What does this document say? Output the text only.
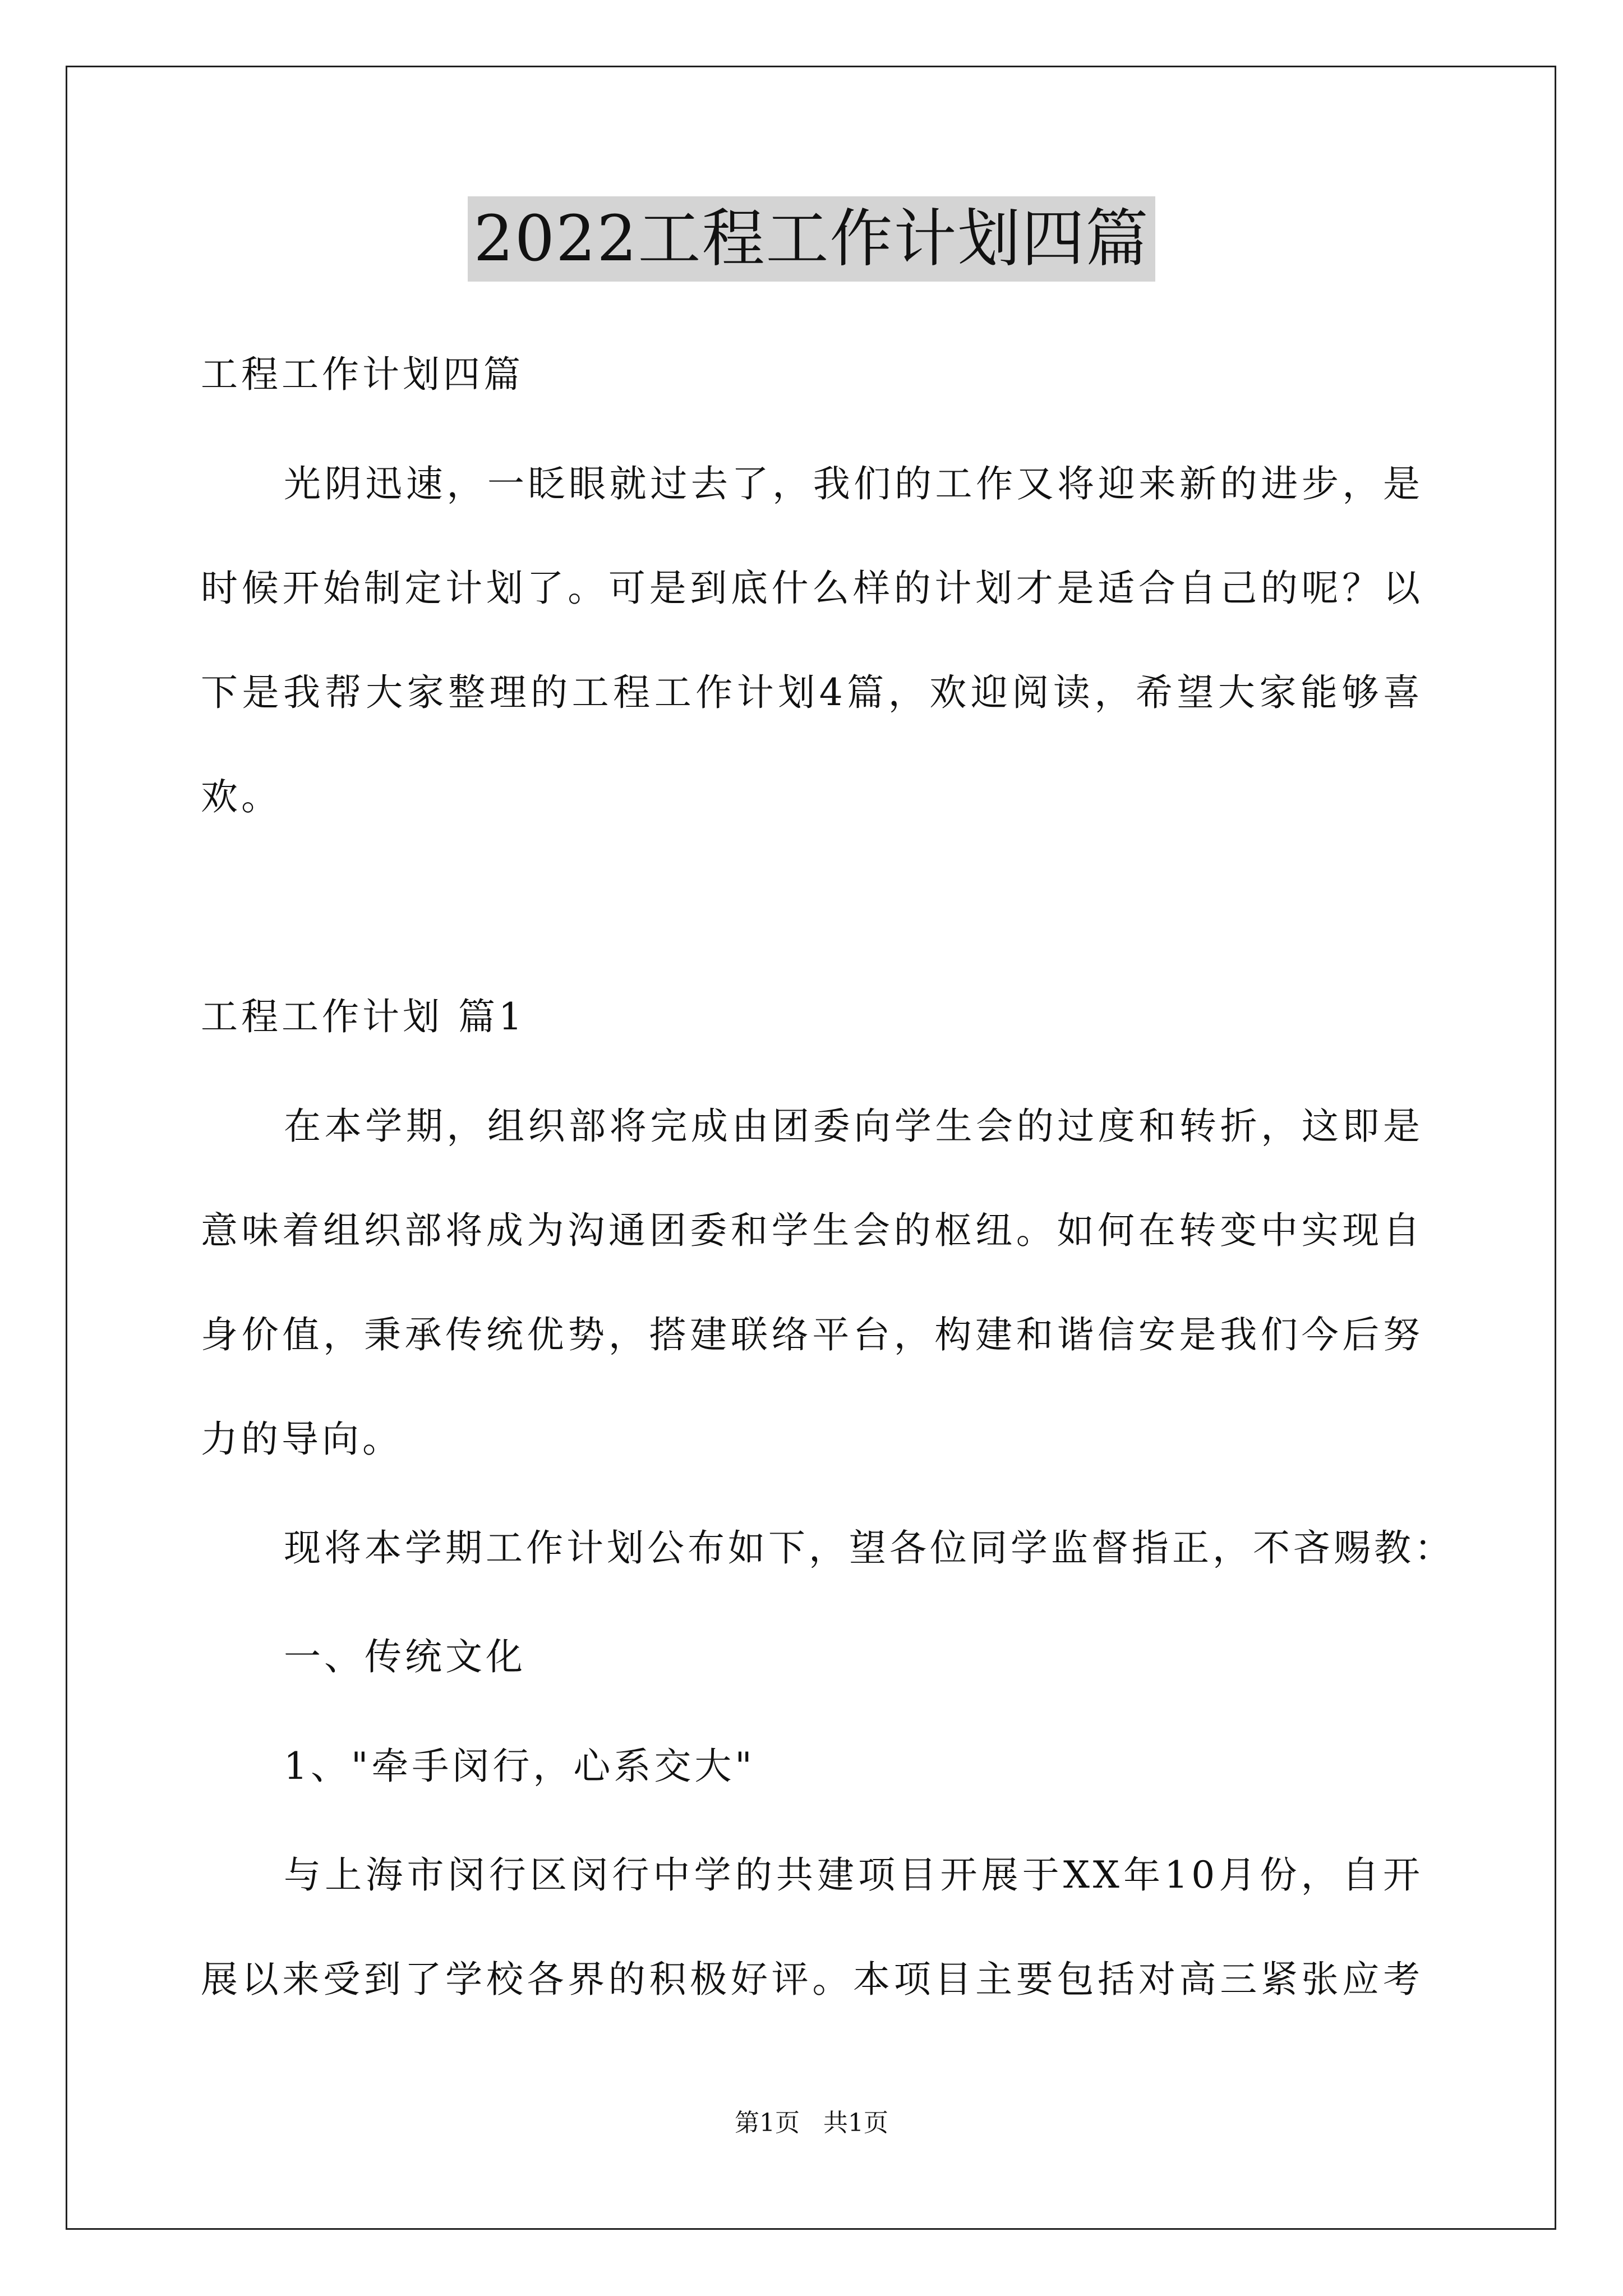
2022工程工作计划四篇
工程工作计划四篇
光阴迅速，一眨眼就过去了，我们的工作又将迎来新的进步，是
时候开始制定计划了。可是到底什么样的计划才是适合自己的呢？以
下是我帮大家整理的工程工作计划4篇，欢迎阅读，希望大家能够喜
欢。
工程工作计划 篇1
在本学期，组织部将完成由团委向学生会的过度和转折，这即是
意味着组织部将成为沟通团委和学生会的枢纽。如何在转变中实现自
身价值，秉承传统优势，搭建联络平台，构建和谐信安是我们今后努
力的导向。
现将本学期工作计划公布如下，望各位同学监督指正，不吝赐教：
一、传统文化
1、"牵手闵行，心系交大"
与上海市闵行区闵行中学的共建项目开展于XX年10月份，自开
展以来受到了学校各界的积极好评。本项目主要包括对高三紧张应考
第1页   共1页
